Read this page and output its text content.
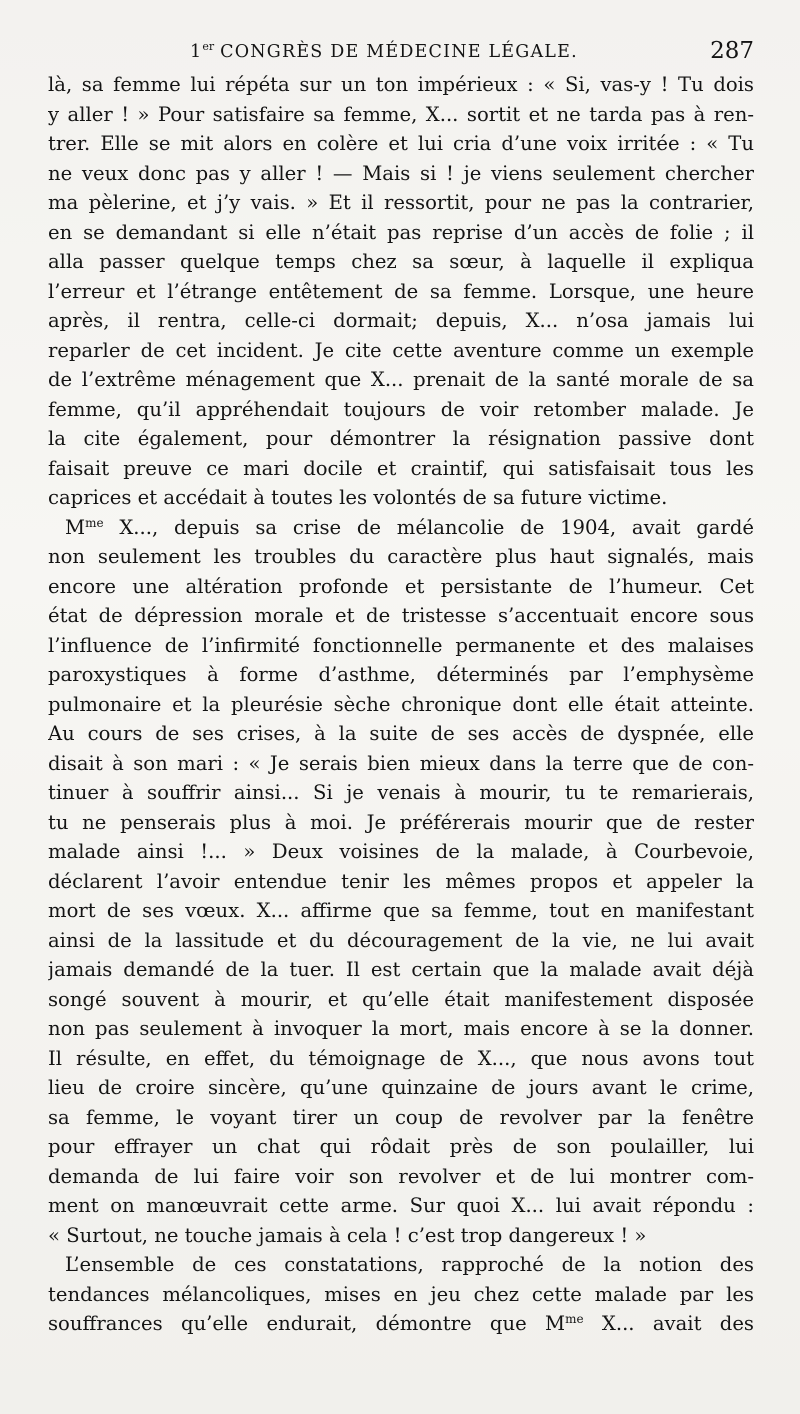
1er CONGRÈS DE MÉDECINE LÉGALE.	287
là, sa femme lui répéta sur un ton impérieux : « Si, vas-y ! Tu dois
y aller ! » Pour satisfaire sa femme, X... sortit et ne tarda pas à ren-
trer. Elle se mit alors en colère et lui cria d’une voix irritée : « Tu
ne veux donc pas y aller ! — Mais si ! je viens seulement chercher
ma pèlerine, et j’y vais. » Et il ressortit, pour ne pas la contrarier,
en se demandant si elle n’était pas reprise d’un accès de folie ; il
alla passer quelque temps chez sa sœur, à laquelle il expliqua
l’erreur et l’étrange entêtement de sa femme. Lorsque, une heure
après, il rentra, celle-ci dormait; depuis, X... n’osa jamais lui
reparler de cet incident. Je cite cette aventure comme un exemple
de l’extrême ménagement que X... prenait de la santé morale de sa
femme, qu’il appréhendait toujours de voir retomber malade. Je
la cite également, pour démontrer la résignation passive dont
faisait preuve ce mari docile et craintif, qui satisfaisait tous les
caprices et accédait à toutes les volontés de sa future victime.
$M^{me}$ X..., depuis sa crise de mélancolie de 1904, avait gardé
non seulement les troubles du caractère plus haut signalés, mais
encore une altération profonde et persistante de l’humeur. Cet
état de dépression morale et de tristesse s’accentuait encore sous
l’influence de l’infirmité fonctionnelle permanente et des malaises
paroxystiques à forme d’asthme, déterminés par l’emphysème
pulmonaire et la pleurésie sèche chronique dont elle était atteinte.
Au cours de ses crises, à la suite de ses accès de dyspnée, elle
disait à son mari : « Je serais bien mieux dans la terre que de con-
tinuer à souffrir ainsi... Si je venais à mourir, tu te remarierais,
tu ne penserais plus à moi. Je préférerais mourir que de rester
malade ainsi !... » Deux voisines de la malade, à Courbevoie,
déclarent l’avoir entendue tenir les mêmes propos et appeler la
mort de ses vœux. X... affirme que sa femme, tout en manifestant
ainsi de la lassitude et du découragement de la vie, ne lui avait
jamais demandé de la tuer. Il est certain que la malade avait déjà
songé souvent à mourir, et qu’elle était manifestement disposée
non pas seulement à invoquer la mort, mais encore à se la donner.
Il résulte, en effet, du témoignage de X..., que nous avons tout
lieu de croire sincère, qu’une quinzaine de jours avant le crime,
sa femme, le voyant tirer un coup de revolver par la fenêtre
pour effrayer un chat qui rôdait près de son poulailler, lui
demanda de lui faire voir son revolver et de lui montrer com-
ment on manœuvrait cette arme. Sur quoi X... lui avait répondu :
« Surtout, ne touche jamais à cela ! c’est trop dangereux ! »
L’ensemble de ces constatations, rapproché de la notion des
tendances mélancoliques, mises en jeu chez cette malade par les
souffrances qu’elle endurait, démontre que $M^{me}$ X... avait des
